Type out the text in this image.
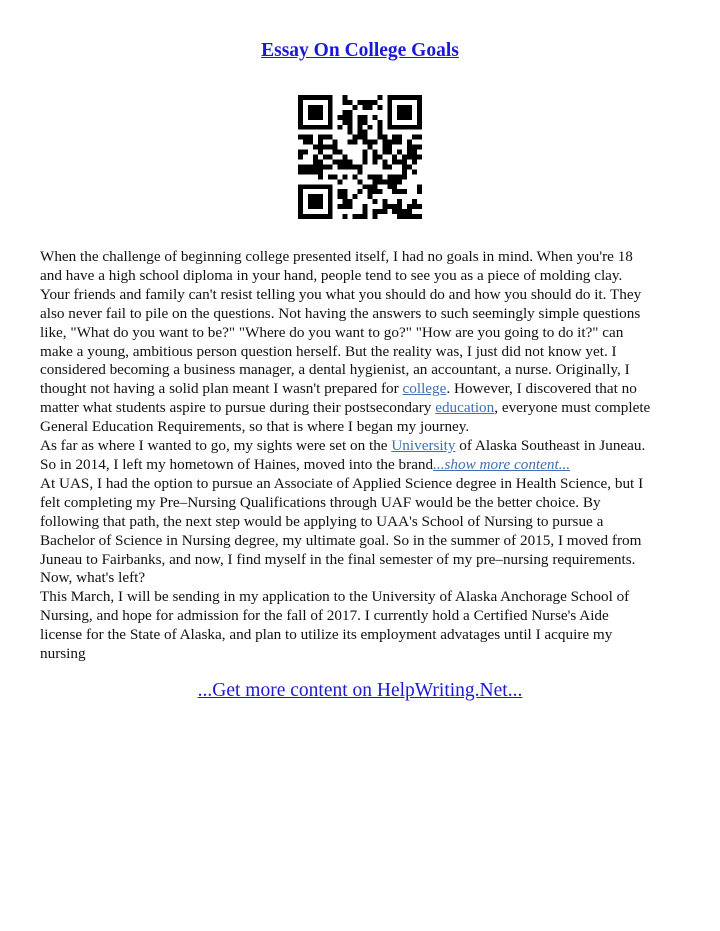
Essay On College Goals
When the challenge of beginning college presented itself, I had no goals in mind. When you're 18
and have a high school diploma in your hand, people tend to see you as a piece of molding clay.
Your friends and family can't resist telling you what you should do and how you should do it. They
also never fail to pile on the questions. Not having the answers to such seemingly simple questions
like, "What do you want to be?" "Where do you want to go?" "How are you going to do it?" can
make a young, ambitious person question herself. But the reality was, I just did not know yet. I
considered becoming a business manager, a dental hygienist, an accountant, a nurse. Originally, I
thought not having a solid plan meant I wasn't prepared for college. However, I discovered that no
matter what students aspire to pursue during their postsecondary education, everyone must complete
General Education Requirements, so that is where I began my journey.
As far as where I wanted to go, my sights were set on the University of Alaska Southeast in Juneau.
So in 2014, I left my hometown of Haines, moved into the brand...show more content...
At UAS, I had the option to pursue an Associate of Applied Science degree in Health Science, but I
felt completing my Pre–Nursing Qualifications through UAF would be the better choice. By
following that path, the next step would be applying to UAA's School of Nursing to pursue a
Bachelor of Science in Nursing degree, my ultimate goal. So in the summer of 2015, I moved from
Juneau to Fairbanks, and now, I find myself in the final semester of my pre–nursing requirements.
Now, what's left?
This March, I will be sending in my application to the University of Alaska Anchorage School of
Nursing, and hope for admission for the fall of 2017. I currently hold a Certified Nurse's Aide
license for the State of Alaska, and plan to utilize its employment advatages until I acquire my
nursing
...Get more content on HelpWriting.Net...
